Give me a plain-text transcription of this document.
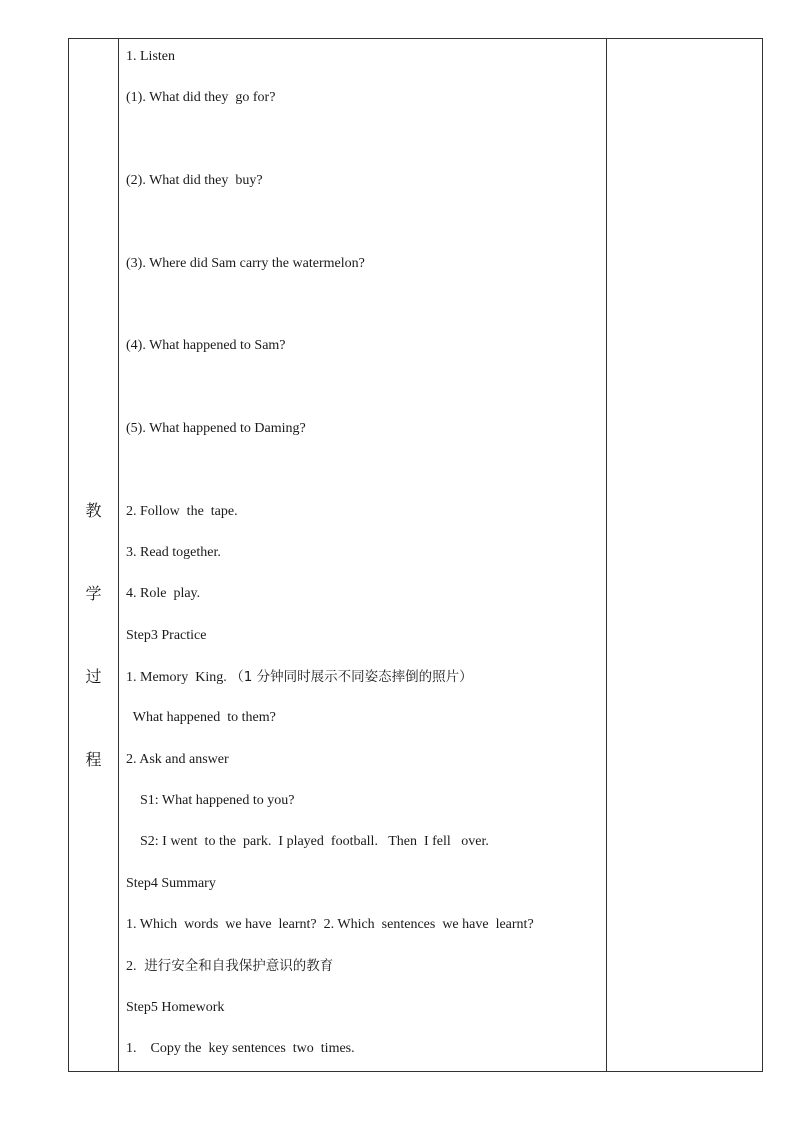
教
学
过
程
1. Listen
(1). What did they  go for?
(2). What did they  buy?
(3). Where did Sam carry the watermelon?
(4). What happened to Sam?
(5). What happened to Daming?
2. Follow  the  tape.
3. Read together.
4. Role  play.
Step3 Practice
1. Memory  King. （1 分钟同时展示不同姿态摔倒的照片）
What happened  to them?
2. Ask and answer
S1: What happened to you?
S2: I went  to the  park.  I played  football.   Then  I fell   over.
Step4 Summary
1. Which  words  we have  learnt?  2. Which  sentences  we have  learnt?
2.  进行安全和自我保护意识的教育
Step5 Homework
1.    Copy the  key sentences  two  times.
